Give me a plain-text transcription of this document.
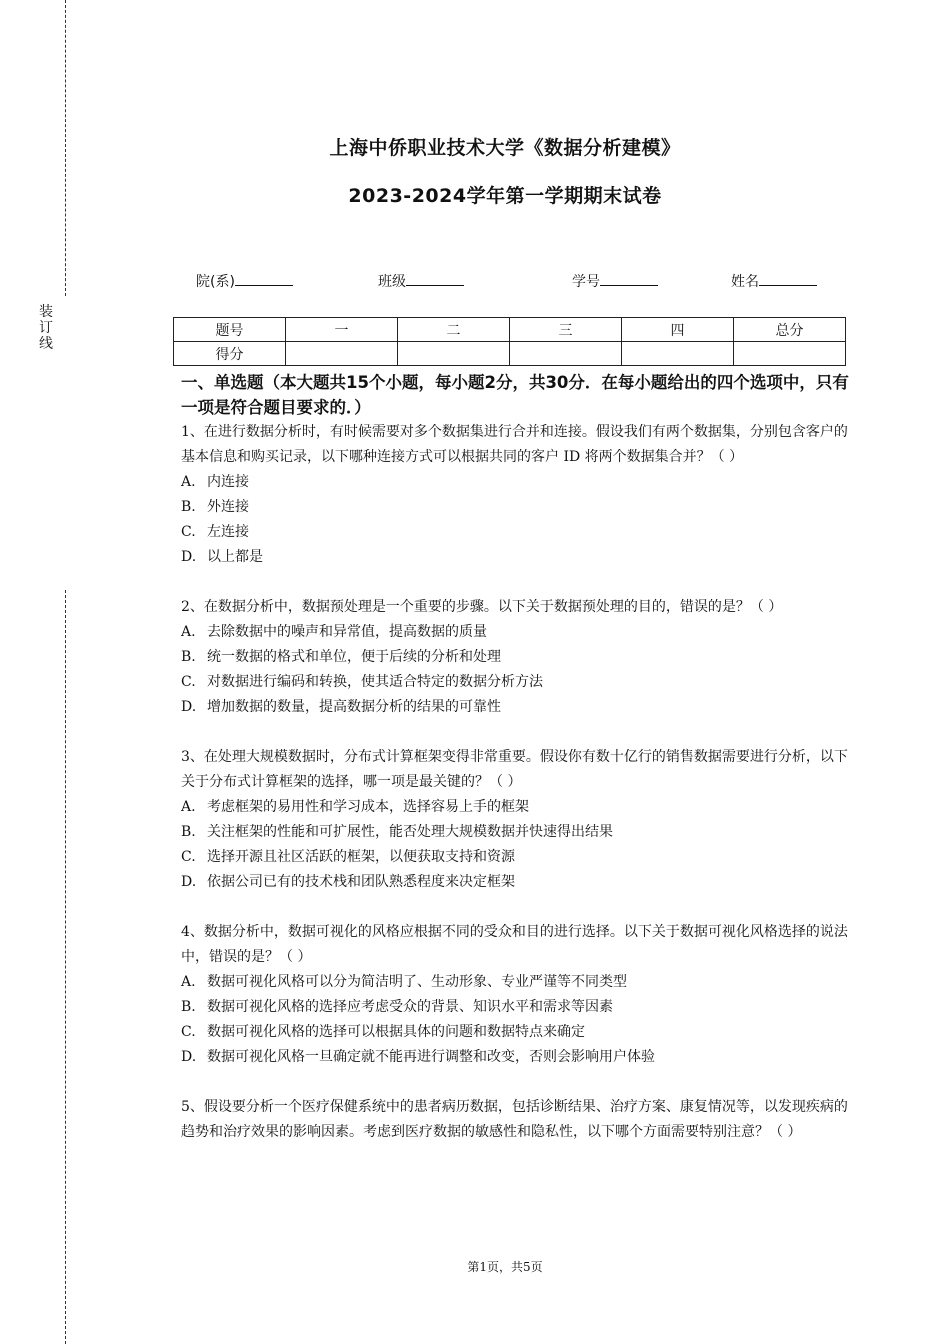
装
订
线
上海中侨职业技术大学《数据分析建模》
2023-2024学年第一学期期末试卷
院(系)	班级	学号	姓名
题号	一	二	三	四	总分
得分					
一、单选题（本大题共15个小题，每小题2分，共30分．在每小题给出的四个选项中，只有一项是符合题目要求的．）

1、在进行数据分析时，有时候需要对多个数据集进行合并和连接。假设我们有两个数据集，分别包含客户的基本信息和购买记录，以下哪种连接方式可以根据共同的客户 ID 将两个数据集合并？（ ）

A. 内连接

B. 外连接

C. 左连接

D. 以上都是

2、在数据分析中，数据预处理是一个重要的步骤。以下关于数据预处理的目的，错误的是？（ ）

A. 去除数据中的噪声和异常值，提高数据的质量

B. 统一数据的格式和单位，便于后续的分析和处理

C. 对数据进行编码和转换，使其适合特定的数据分析方法

D. 增加数据的数量，提高数据分析的结果的可靠性

3、在处理大规模数据时，分布式计算框架变得非常重要。假设你有数十亿行的销售数据需要进行分析，以下关于分布式计算框架的选择，哪一项是最关键的？（ ）

A. 考虑框架的易用性和学习成本，选择容易上手的框架

B. 关注框架的性能和可扩展性，能否处理大规模数据并快速得出结果

C. 选择开源且社区活跃的框架，以便获取支持和资源

D. 依据公司已有的技术栈和团队熟悉程度来决定框架

4、数据分析中，数据可视化的风格应根据不同的受众和目的进行选择。以下关于数据可视化风格选择的说法中，错误的是？（ ）

A. 数据可视化风格可以分为简洁明了、生动形象、专业严谨等不同类型

B. 数据可视化风格的选择应考虑受众的背景、知识水平和需求等因素

C. 数据可视化风格的选择可以根据具体的问题和数据特点来确定

D. 数据可视化风格一旦确定就不能再进行调整和改变，否则会影响用户体验

5、假设要分析一个医疗保健系统中的患者病历数据，包括诊断结果、治疗方案、康复情况等，以发现疾病的趋势和治疗效果的影响因素。考虑到医疗数据的敏感性和隐私性，以下哪个方面需要特别注意？（ ）

第1页，共5页
